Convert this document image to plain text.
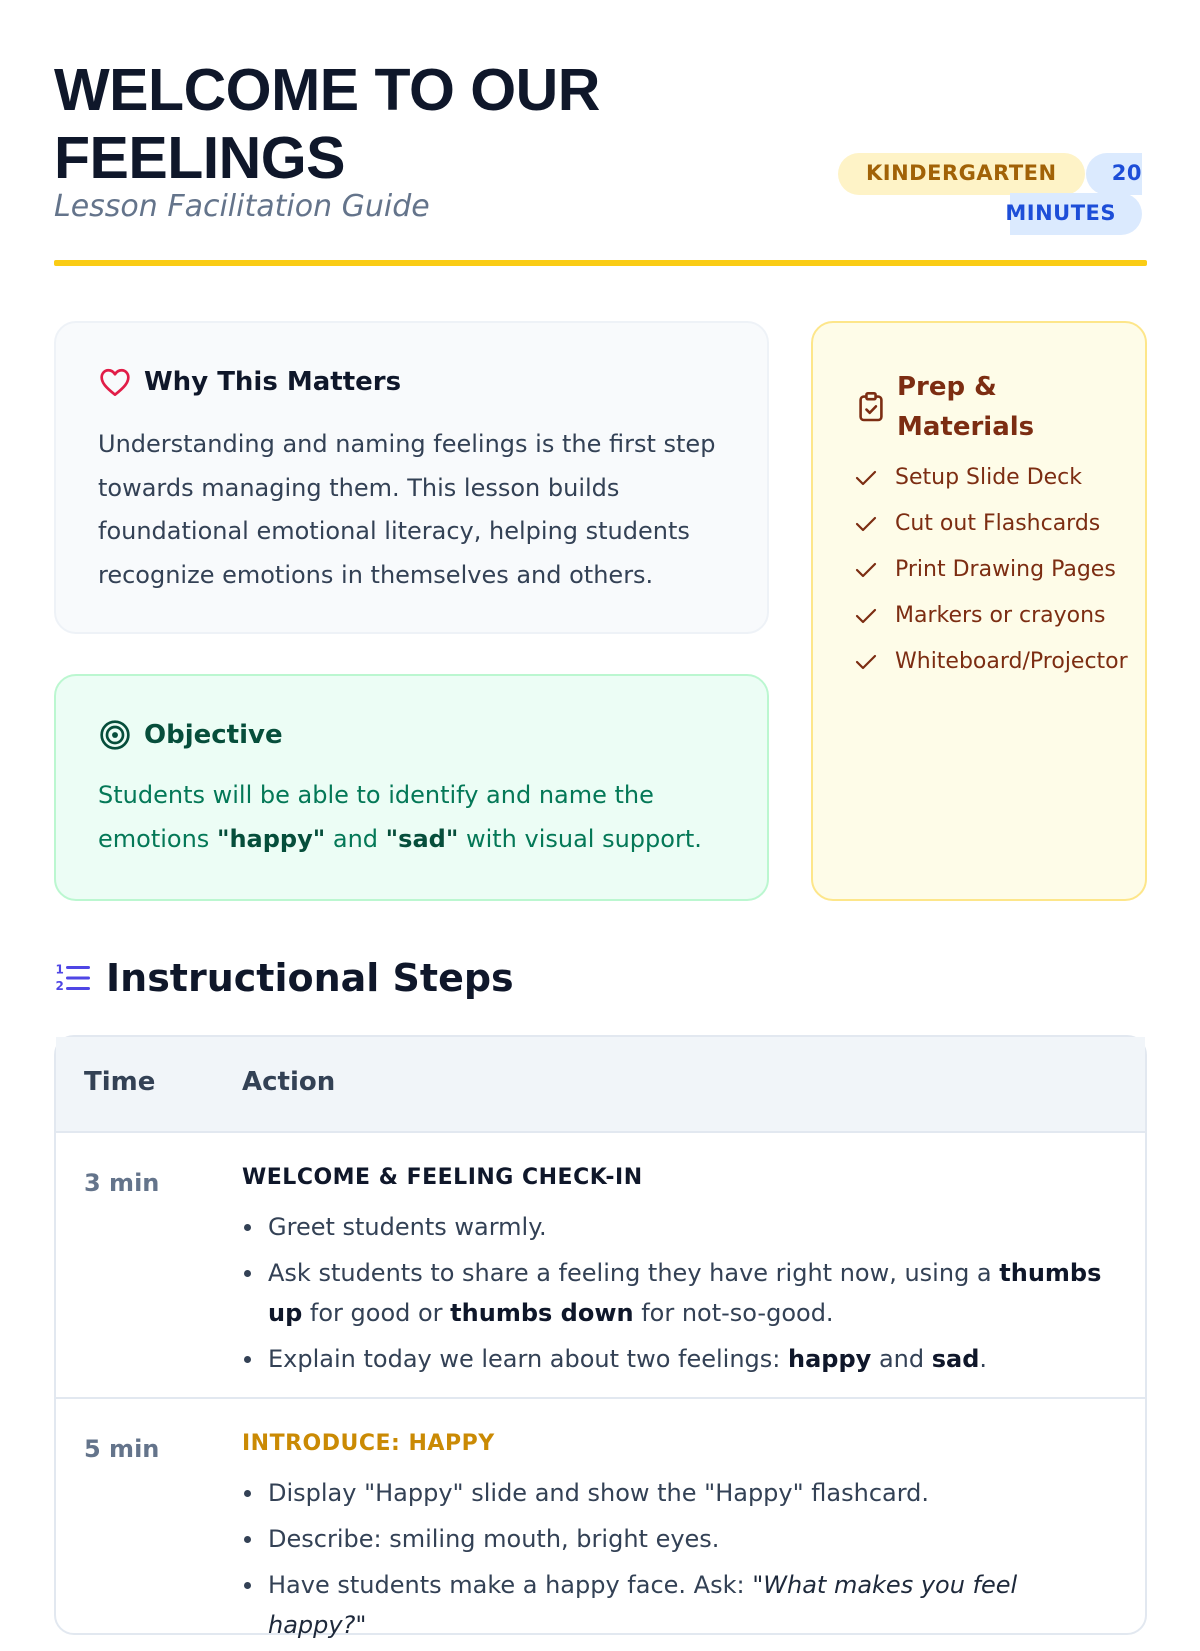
WELCOME TO OUR
FEELINGS
Lesson Facilitation Guide
KINDERGARTEN	20
MINUTES
Why This Matters
Understanding and naming feelings is the first step towards managing them. This lesson builds foundational emotional literacy, helping students recognize emotions in themselves and others.
Objective
Students will be able to identify and name the emotions "happy" and "sad" with visual support.
Prep & Materials
Setup Slide Deck
Cut out Flashcards
Print Drawing Pages
Markers or crayons
Whiteboard/Projector
1
2 Instructional Steps
Time	Action
3 min	WELCOME & FEELING CHECK-IN
Greet students warmly.
Ask students to share a feeling they have right now, using a thumbs up for good or thumbs down for not-so-good.
Explain today we learn about two feelings: happy and sad.
5 min	INTRODUCE: HAPPY
Display "Happy" slide and show the "Happy" flashcard.
Describe: smiling mouth, bright eyes.
Have students make a happy face. Ask: "What makes you feel happy?"
